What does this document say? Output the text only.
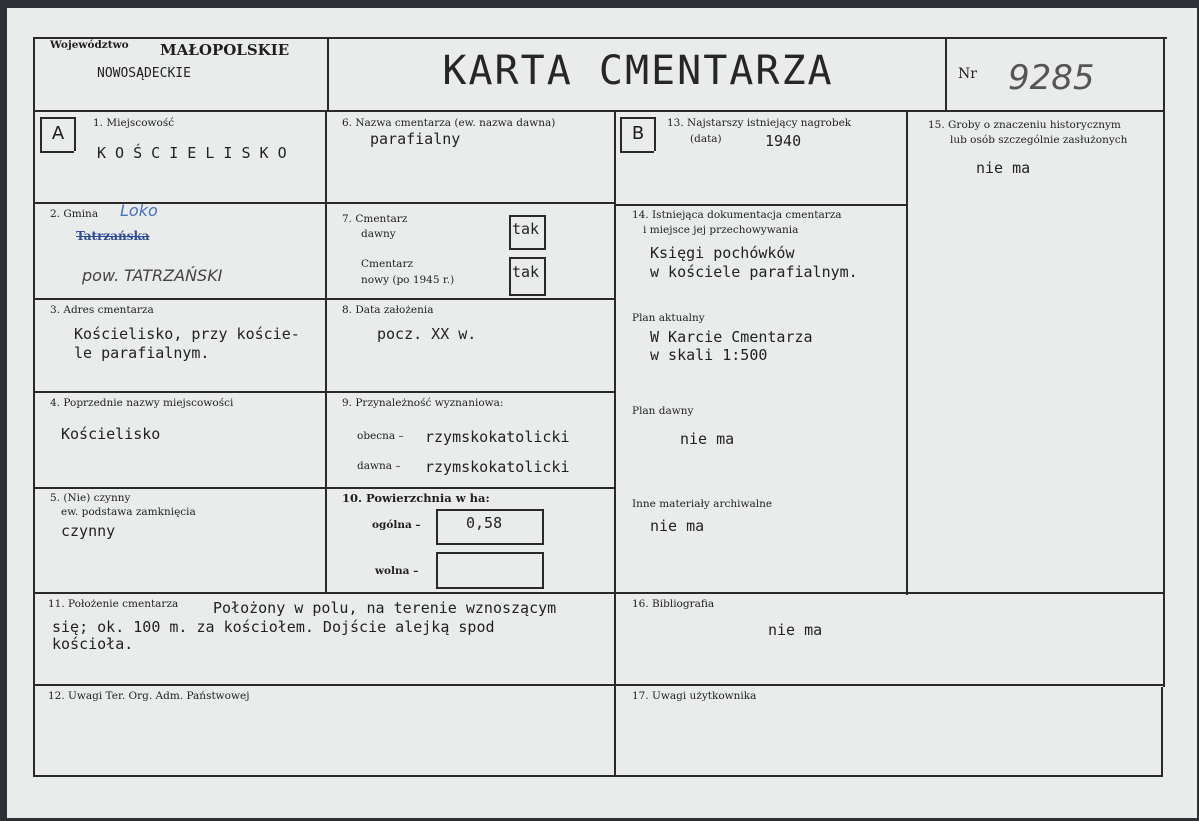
Województwo MAŁOPOLSKIE
NOWOSĄDECKIE	KARTA CMENTARZA	Nr 9285
A	B
1. Miejscowość
K O Ś C I E L I S K O
2. Gmina Loko
Tatrzańska
pow. TATRZAŃSKI
3. Adres cmentarza
Kościelisko, przy koście-
le parafialnym.
4. Poprzednie nazwy miejscowości
Kościelisko
5. (Nie) czynny
ew. podstawa zamknięcia
czynny
6. Nazwa cmentarza (ew. nazwa dawna)
parafialny
7. Cmentarz
dawny	tak
Cmentarz
nowy (po 1945 r.)	tak
8. Data założenia
pocz. XX w.
9. Przynależność wyznaniowa:
obecna – rzymskokatolicki
dawna – rzymskokatolicki
10. Powierzchnia w ha:
ogólna –	0,58
wolna –
11. Położenie cmentarza Położony w polu, na terenie wznoszącym
się; ok. 100 m. za kościołem. Dojście alejką spod
kościoła.
12. Uwagi Ter. Org. Adm. Państwowej
13. Najstarszy istniejący nagrobek
(data)	1940
14. Istniejąca dokumentacja cmentarza
i miejsce jej przechowywania
Księgi pochówków
w kościele parafialnym.
Plan aktualny
W Karcie Cmentarza
w skali 1:500
Plan dawny
nie ma
Inne materiały archiwalne
nie ma
15. Groby o znaczeniu historycznym
lub osób szczególnie zasłużonych
nie ma
16. Bibliografia
nie ma
17. Uwagi użytkownika
